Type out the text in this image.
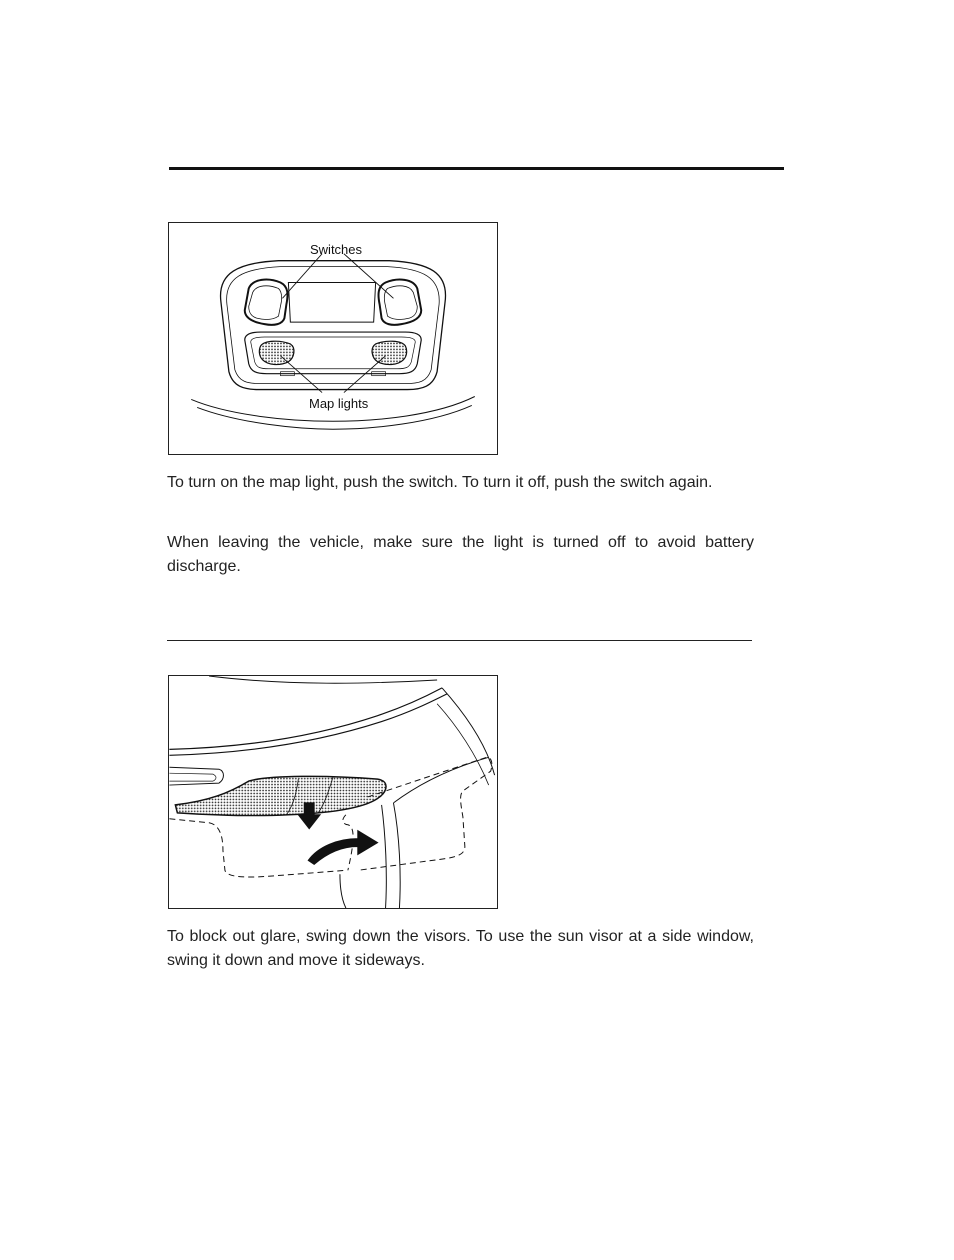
Switches
Map lights

To turn on the map light, push the switch. To turn it off, push the switch again.

When leaving the vehicle, make sure the light is turned off to avoid battery discharge.

To block out glare, swing down the visors. To use the sun visor at a side window, swing it down and move it sideways.
